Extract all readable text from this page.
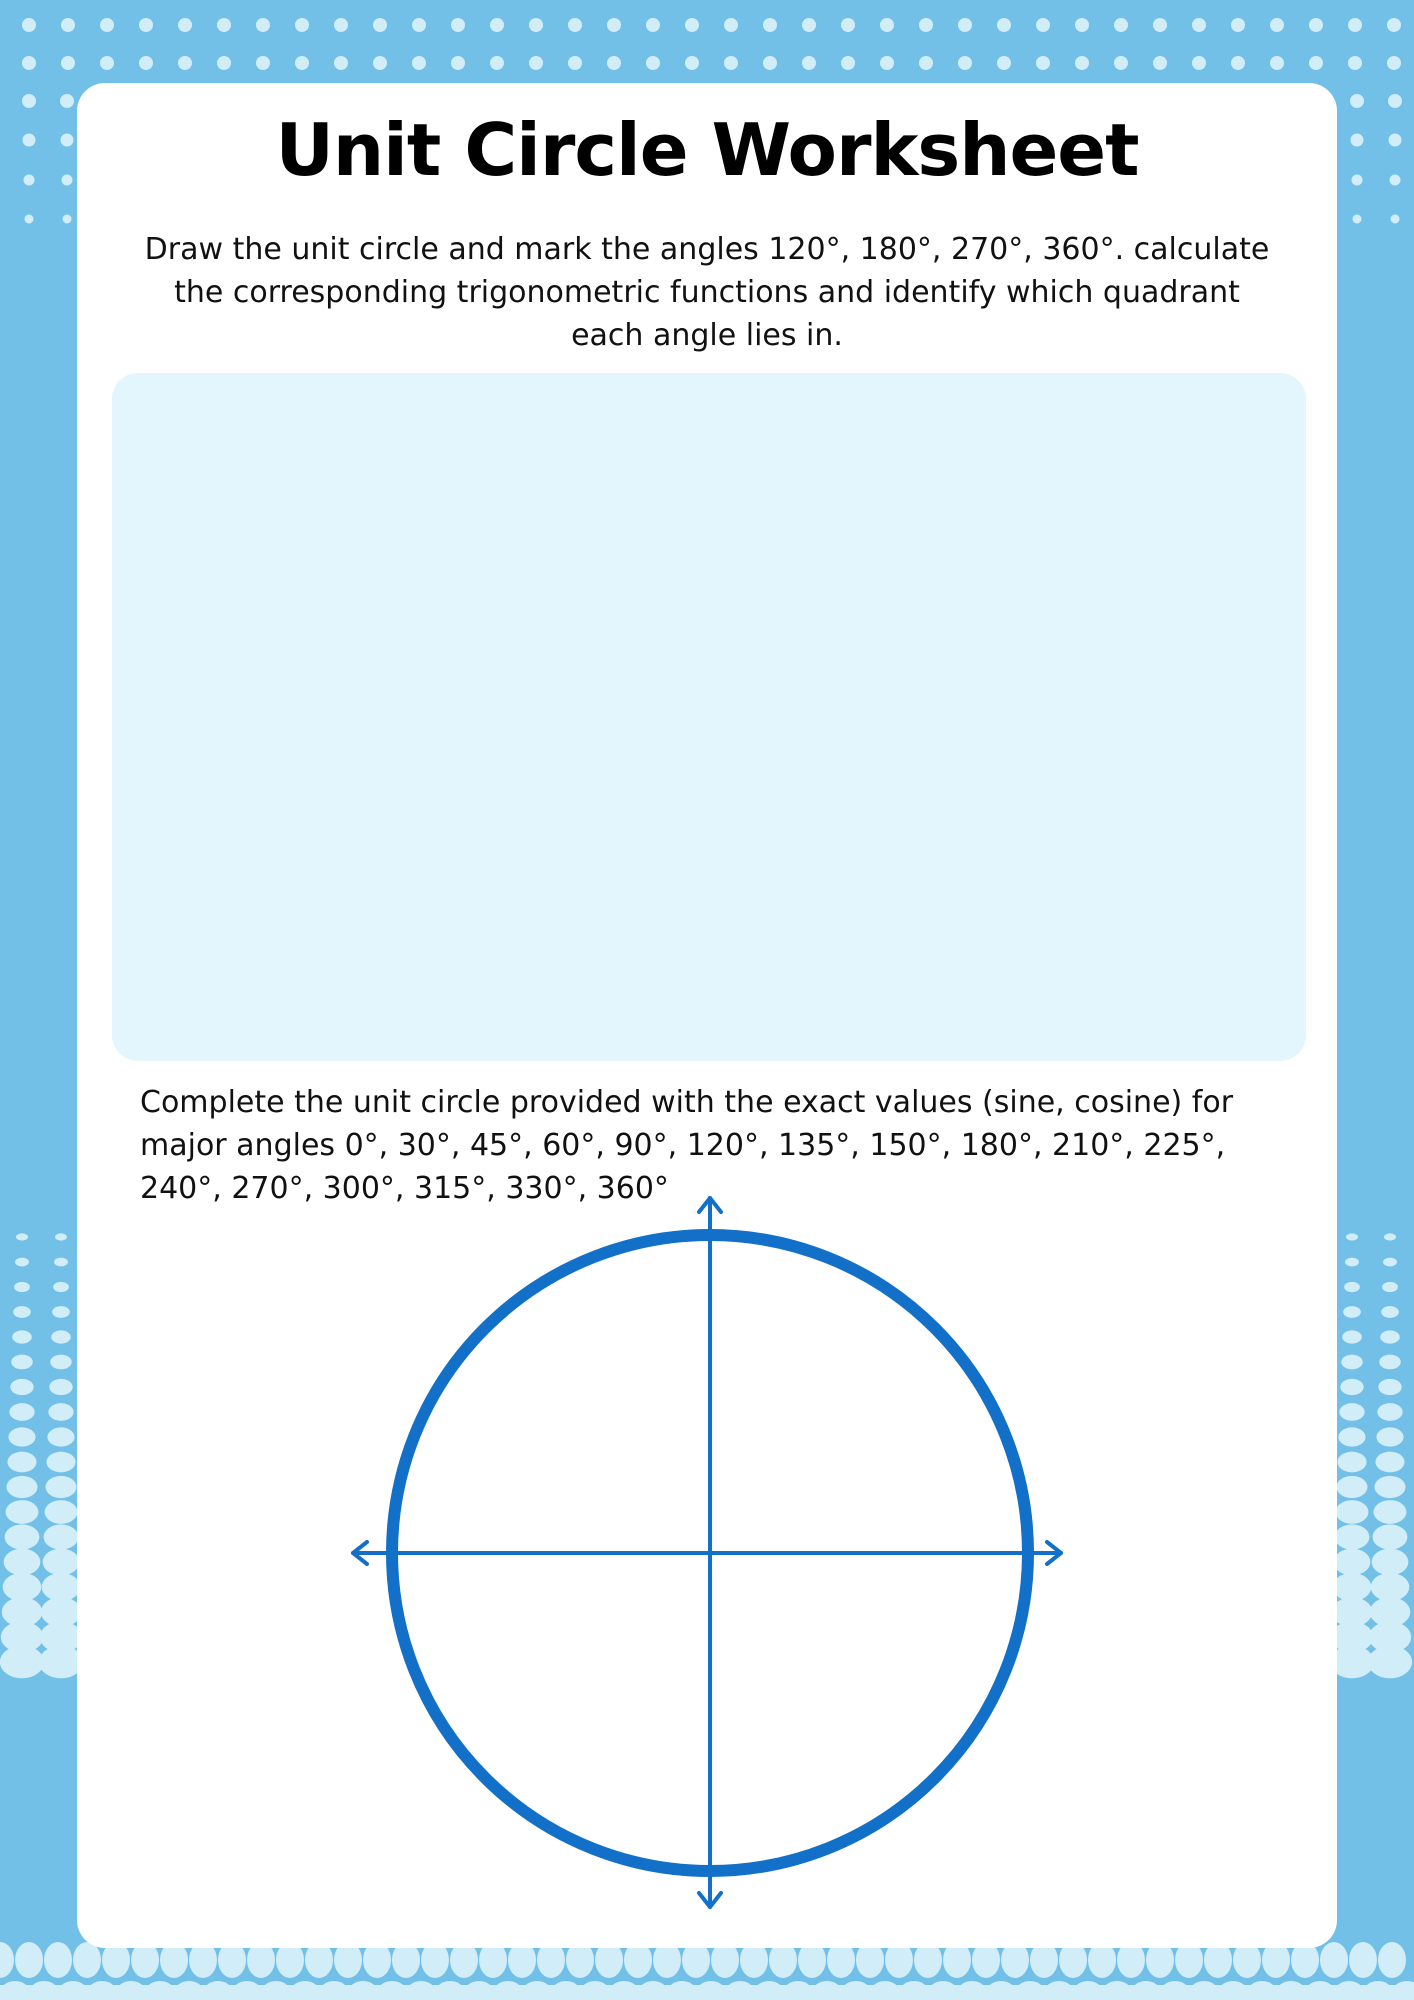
Unit Circle Worksheet
Draw the unit circle and mark the angles 120°, 180°, 270°, 360°. calculate the corresponding trigonometric functions and identify which quadrant each angle lies in.
Complete the unit circle provided with the exact values (sine, cosine) for major angles 0°, 30°, 45°, 60°, 90°, 120°, 135°, 150°, 180°, 210°, 225°, 240°, 270°, 300°, 315°, 330°, 360°
